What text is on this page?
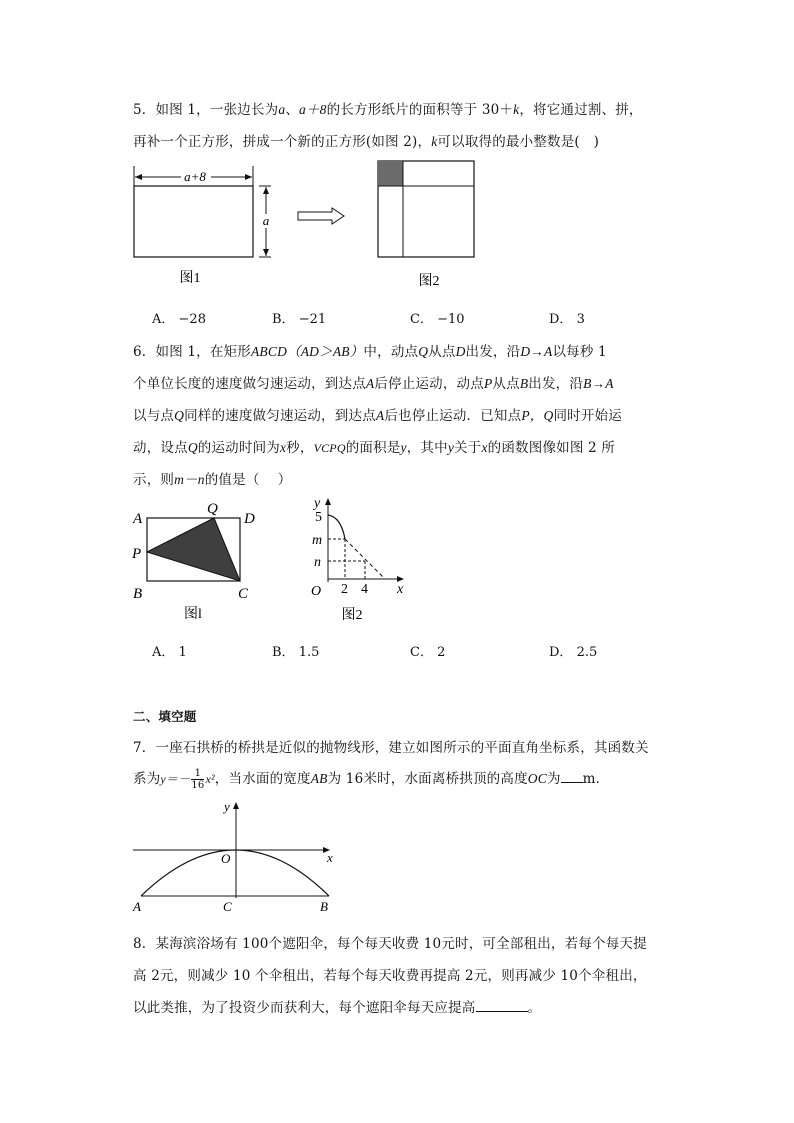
5．如图 1，一张边长为a、a＋8的长方形纸片的面积等于 30＋k，将它通过割、拼，
再补一个正方形，拼成一个新的正方形(如图 2)，k可以取得的最小整数是(　)
a+8
a
图1	图2
A． −28	B． −21	C． −10	D． 3
6．如图 1，在矩形ABCD（AD＞AB）中，动点Q从点D出发，沿D→A以每秒 1
个单位长度的速度做匀速运动，到达点A后停止运动，动点P从点B出发，沿B→A
以与点Q同样的速度做匀速运动，到达点A后也停止运动．已知点P，Q同时开始运
动，设点Q的运动时间为x秒，VCPQ的面积是y，其中y关于x的函数图像如图 2 所
示，则m－n的值是（　 ）
A
Q
D
P
B	C
图l
y
5
m
n
O 2 4 x
图2
A． 1	B． 1.5	C． 2	D． 2.5
二、填空题
7．一座石拱桥的桥拱是近似的抛物线形，建立如图所示的平面直角坐标系，其函数关
系为$y=- \frac{1}{16} x^2$，当水面的宽度AB为 16米时，水面离桥拱顶的高度OC为 m．
y
O	x
A	C	B
8．某海滨浴场有 100个遮阳伞，每个每天收费 10元时，可全部租出，若每个每天提
高 2元，则减少 10 个伞租出，若每个每天收费再提高 2元，则再减少 10个伞租出，
以此类推，为了投资少而获利大，每个遮阳伞每天应提高	。
